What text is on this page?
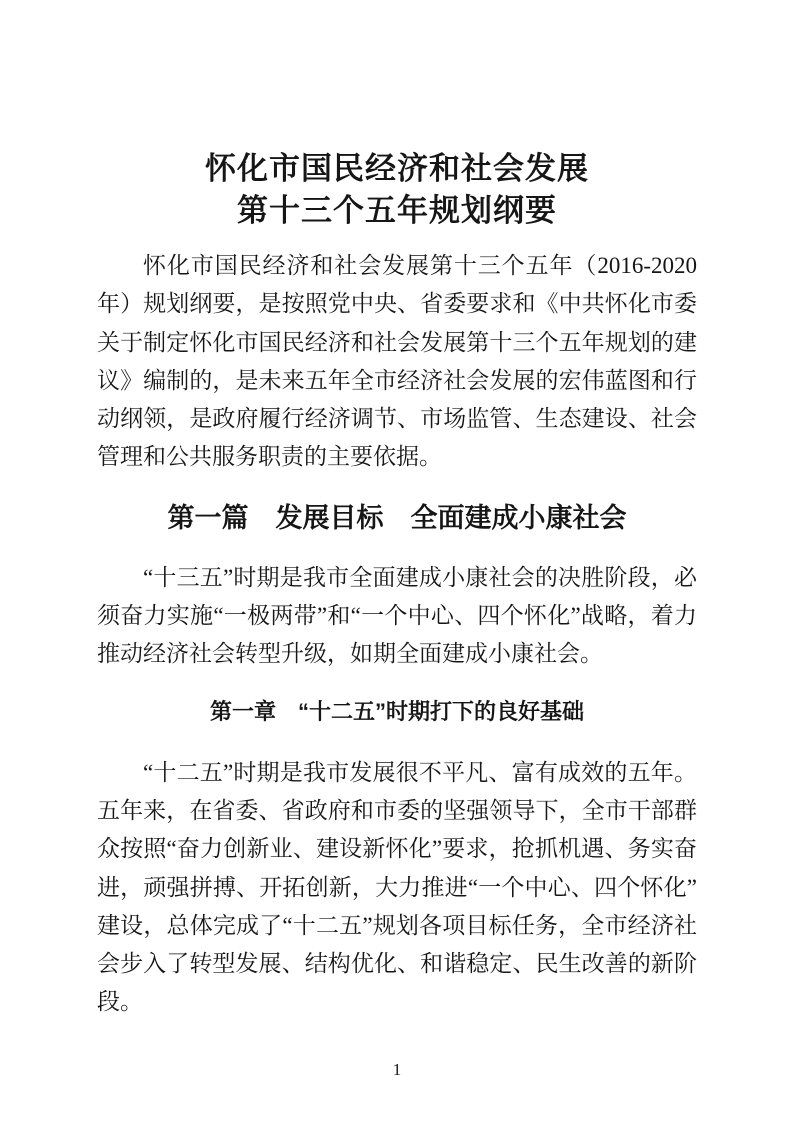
怀化市国民经济和社会发展
第十三个五年规划纲要

怀化市国民经济和社会发展第十三个五年（2016-2020 年）规划纲要，是按照党中央、省委要求和《中共怀化市委关于制定怀化市国民经济和社会发展第十三个五年规划的建议》编制的，是未来五年全市经济社会发展的宏伟蓝图和行动纲领，是政府履行经济调节、市场监管、生态建设、社会管理和公共服务职责的主要依据。

第一篇　发展目标　全面建成小康社会

“十三五”时期是我市全面建成小康社会的决胜阶段，必须奋力实施“一极两带”和“一个中心、四个怀化”战略，着力推动经济社会转型升级，如期全面建成小康社会。

第一章　“十二五”时期打下的良好基础

“十二五”时期是我市发展很不平凡、富有成效的五年。五年来，在省委、省政府和市委的坚强领导下，全市干部群众按照“奋力创新业、建设新怀化”要求，抢抓机遇、务实奋进，顽强拼搏、开拓创新，大力推进“一个中心、四个怀化”建设，总体完成了“十二五”规划各项目标任务，全市经济社会步入了转型发展、结构优化、和谐稳定、民生改善的新阶段。

1
